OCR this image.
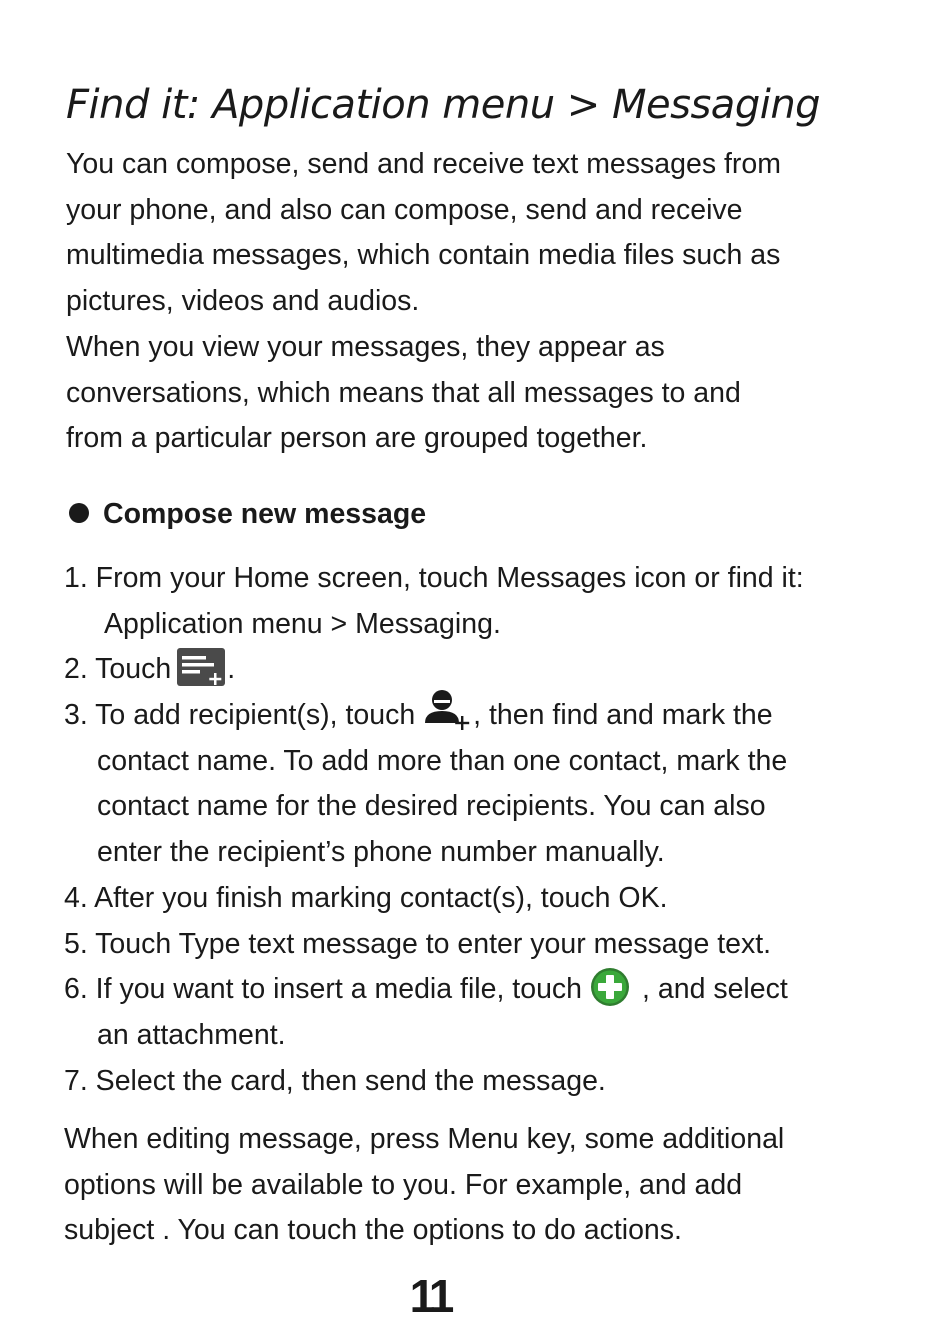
Find it: Application menu > Messaging

You can compose, send and receive text messages from
your phone, and also can compose, send and receive
multimedia messages, which contain media files such as
pictures, videos and audios.
When you view your messages, they appear as
conversations, which means that all messages to and
from a particular person are grouped together.

Compose new message
1. From your Home screen, touch Messages icon or find it:
Application menu > Messaging.
2. Touch .
3. To add recipient(s), touch , then find and mark the
contact name. To add more than one contact, mark the
contact name for the desired recipients. You can also
enter the recipient’s phone number manually.
4. After you finish marking contact(s), touch OK.
5. Touch Type text message to enter your message text.
6. If you want to insert a media file, touch , and select
an attachment.
7. Select the card, then send the message.

When editing message, press Menu key, some additional
options will be available to you. For example, and add
subject . You can touch the options to do actions.

11
